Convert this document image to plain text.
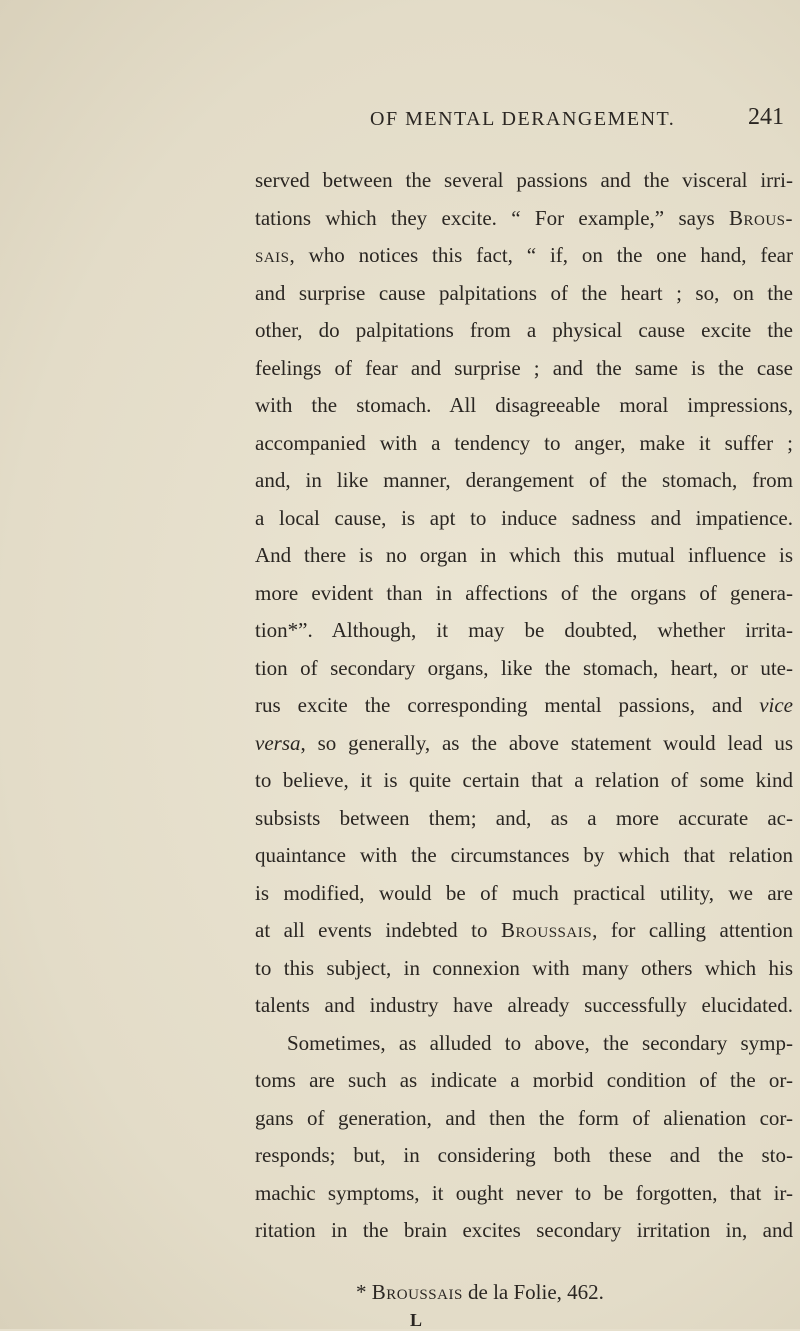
OF MENTAL DERANGEMENT.	241
served between the several passions and the visceral irri-
tations which they excite. “ For example,” says Brous-
sais, who notices this fact, “ if, on the one hand, fear
and surprise cause palpitations of the heart ; so, on the
other, do palpitations from a physical cause excite the
feelings of fear and surprise ; and the same is the case
with the stomach. All disagreeable moral impressions,
accompanied with a tendency to anger, make it suffer ;
and, in like manner, derangement of the stomach, from
a local cause, is apt to induce sadness and impatience.
And there is no organ in which this mutual influence is
more evident than in affections of the organs of genera-
tion*”. Although, it may be doubted, whether irrita-
tion of secondary organs, like the stomach, heart, or ute-
rus excite the corresponding mental passions, and vice
versa, so generally, as the above statement would lead us
to believe, it is quite certain that a relation of some kind
subsists between them; and, as a more accurate ac-
quaintance with the circumstances by which that relation
is modified, would be of much practical utility, we are
at all events indebted to Broussais, for calling attention
to this subject, in connexion with many others which his
talents and industry have already successfully elucidated.
Sometimes, as alluded to above, the secondary symp-
toms are such as indicate a morbid condition of the or-
gans of generation, and then the form of alienation cor-
responds; but, in considering both these and the sto-
machic symptoms, it ought never to be forgotten, that ir-
ritation in the brain excites secondary irritation in, and
* Broussais de la Folie, 462.
L
